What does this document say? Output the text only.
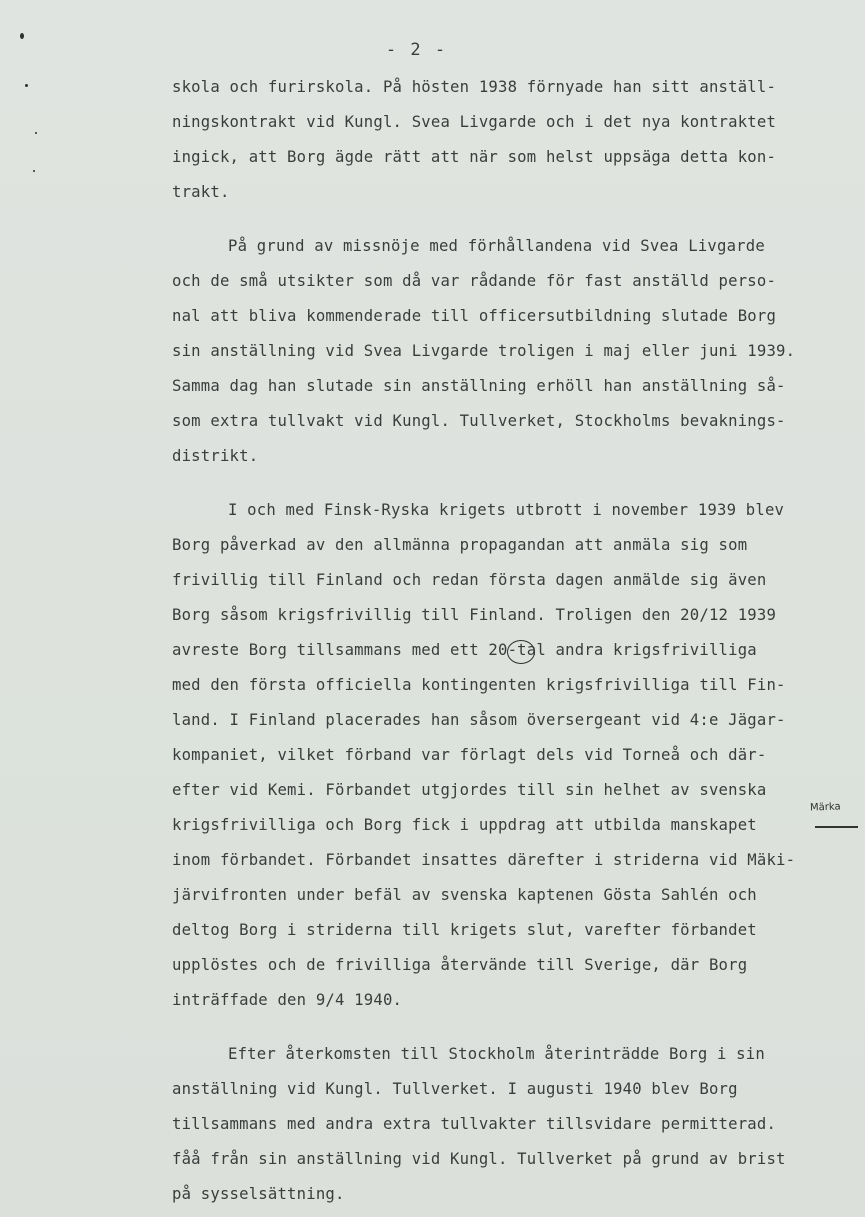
- 2 -
skola och furirskola. På hösten 1938 förnyade han sitt anställ-
ningskontrakt vid Kungl. Svea Livgarde och i det nya kontraktet
ingick, att Borg ägde rätt att när som helst uppsäga detta kon-
trakt.
På grund av missnöje med förhållandena vid Svea Livgarde
och de små utsikter som då var rådande för fast anställd perso-
nal att bliva kommenderade till officersutbildning slutade Borg
sin anställning vid Svea Livgarde troligen i maj eller juni 1939.
Samma dag han slutade sin anställning erhöll han anställning så-
som extra tullvakt vid Kungl. Tullverket, Stockholms bevaknings-
distrikt.
I och med Finsk-Ryska krigets utbrott i november 1939 blev
Borg påverkad av den allmänna propagandan att anmäla sig som
frivillig till Finland och redan första dagen anmälde sig även
Borg såsom krigsfrivillig till Finland. Troligen den 20/12 1939
avreste Borg tillsammans med ett 20-tal andra krigsfrivilliga
med den första officiella kontingenten krigsfrivilliga till Fin-
land. I Finland placerades han såsom översergeant vid 4:e Jägar-
kompaniet, vilket förband var förlagt dels vid Torneå och där-
efter vid Kemi. Förbandet utgjordes till sin helhet av svenska
krigsfrivilliga och Borg fick i uppdrag att utbilda manskapet
inom förbandet. Förbandet insattes därefter i striderna vid Mäki-
järvifronten under befäl av svenska kaptenen Gösta Sahlén och
deltog Borg i striderna till krigets slut, varefter förbandet
upplöstes och de frivilliga återvände till Sverige, där Borg
inträffade den 9/4 1940.
Efter återkomsten till Stockholm återinträdde Borg i sin
anställning vid Kungl. Tullverket. I augusti 1940 blev Borg
tillsammans med andra extra tullvakter tillsvidare permitterad.
fåå från sin anställning vid Kungl. Tullverket på grund av brist
på sysselsättning.
Märka
